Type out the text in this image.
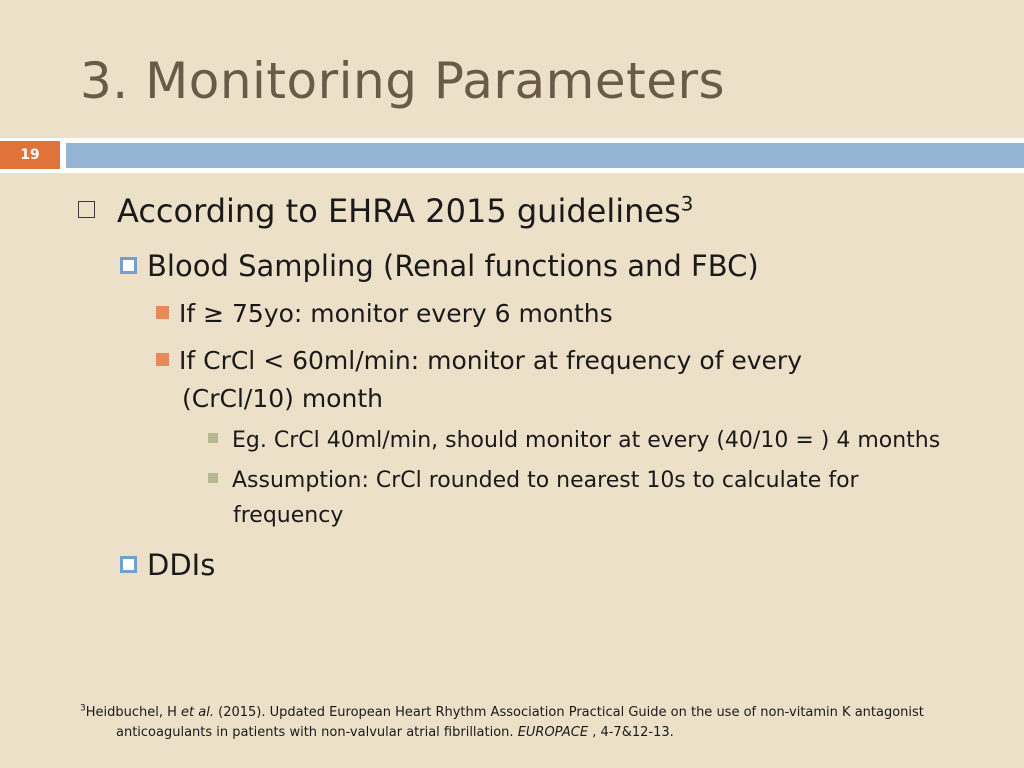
3. Monitoring Parameters
19
According to EHRA 2015 guidelines$^3$
Blood Sampling (Renal functions and FBC)
If ≥ 75yo: monitor every 6 months
If CrCl < 60ml/min: monitor at frequency of every
(CrCl/10) month
Eg. CrCl 40ml/min, should monitor at every (40/10 = ) 4 months
Assumption: CrCl rounded to nearest 10s to calculate for
frequency
DDIs
$^3$Heidbuchel, H et al. (2015). Updated European Heart Rhythm Association Practical Guide on the use of non-vitamin K antagonist
anticoagulants in patients with non-valvular atrial fibrillation. EUROPACE , 4-7&12-13.
